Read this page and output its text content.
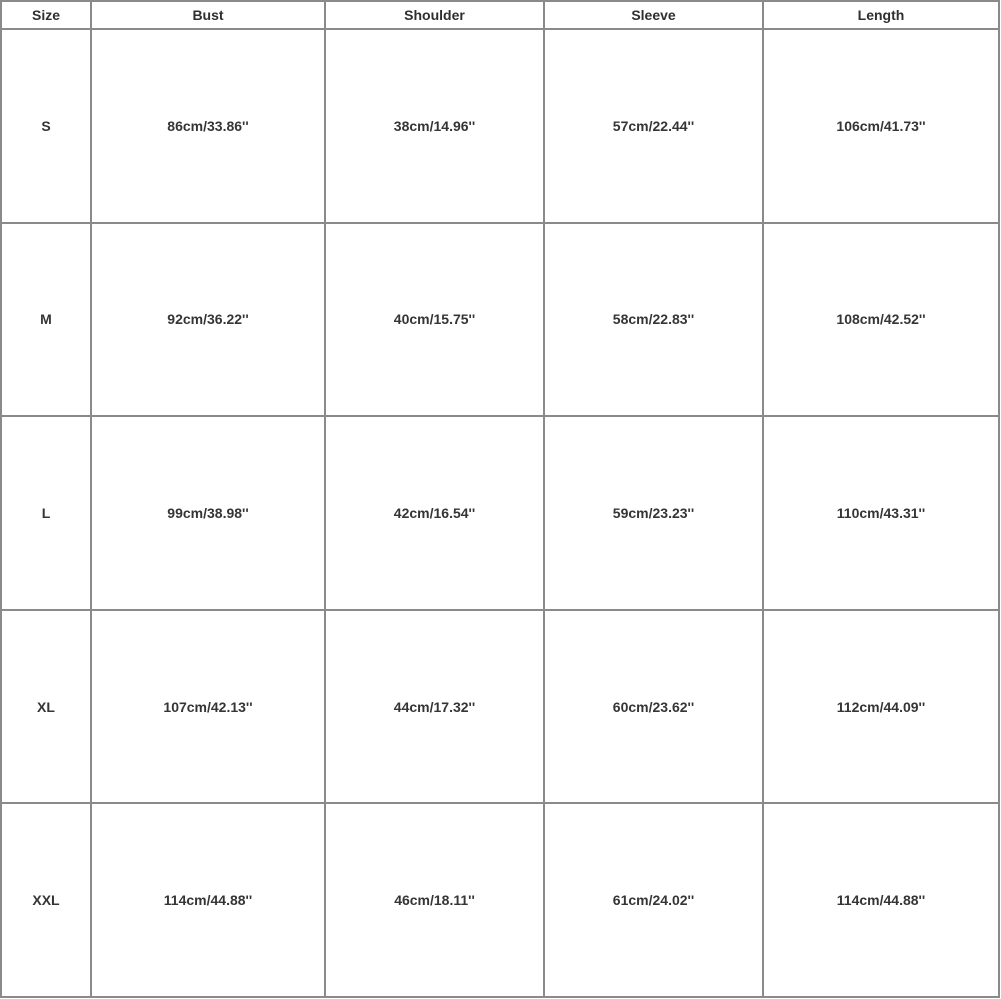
Size	Bust	Shoulder	Sleeve	Length
S	86cm/33.86''	38cm/14.96''	57cm/22.44''	106cm/41.73''
M	92cm/36.22''	40cm/15.75''	58cm/22.83''	108cm/42.52''
L	99cm/38.98''	42cm/16.54''	59cm/23.23''	110cm/43.31''
XL	107cm/42.13''	44cm/17.32''	60cm/23.62''	112cm/44.09''
XXL	114cm/44.88''	46cm/18.11''	61cm/24.02''	114cm/44.88''
